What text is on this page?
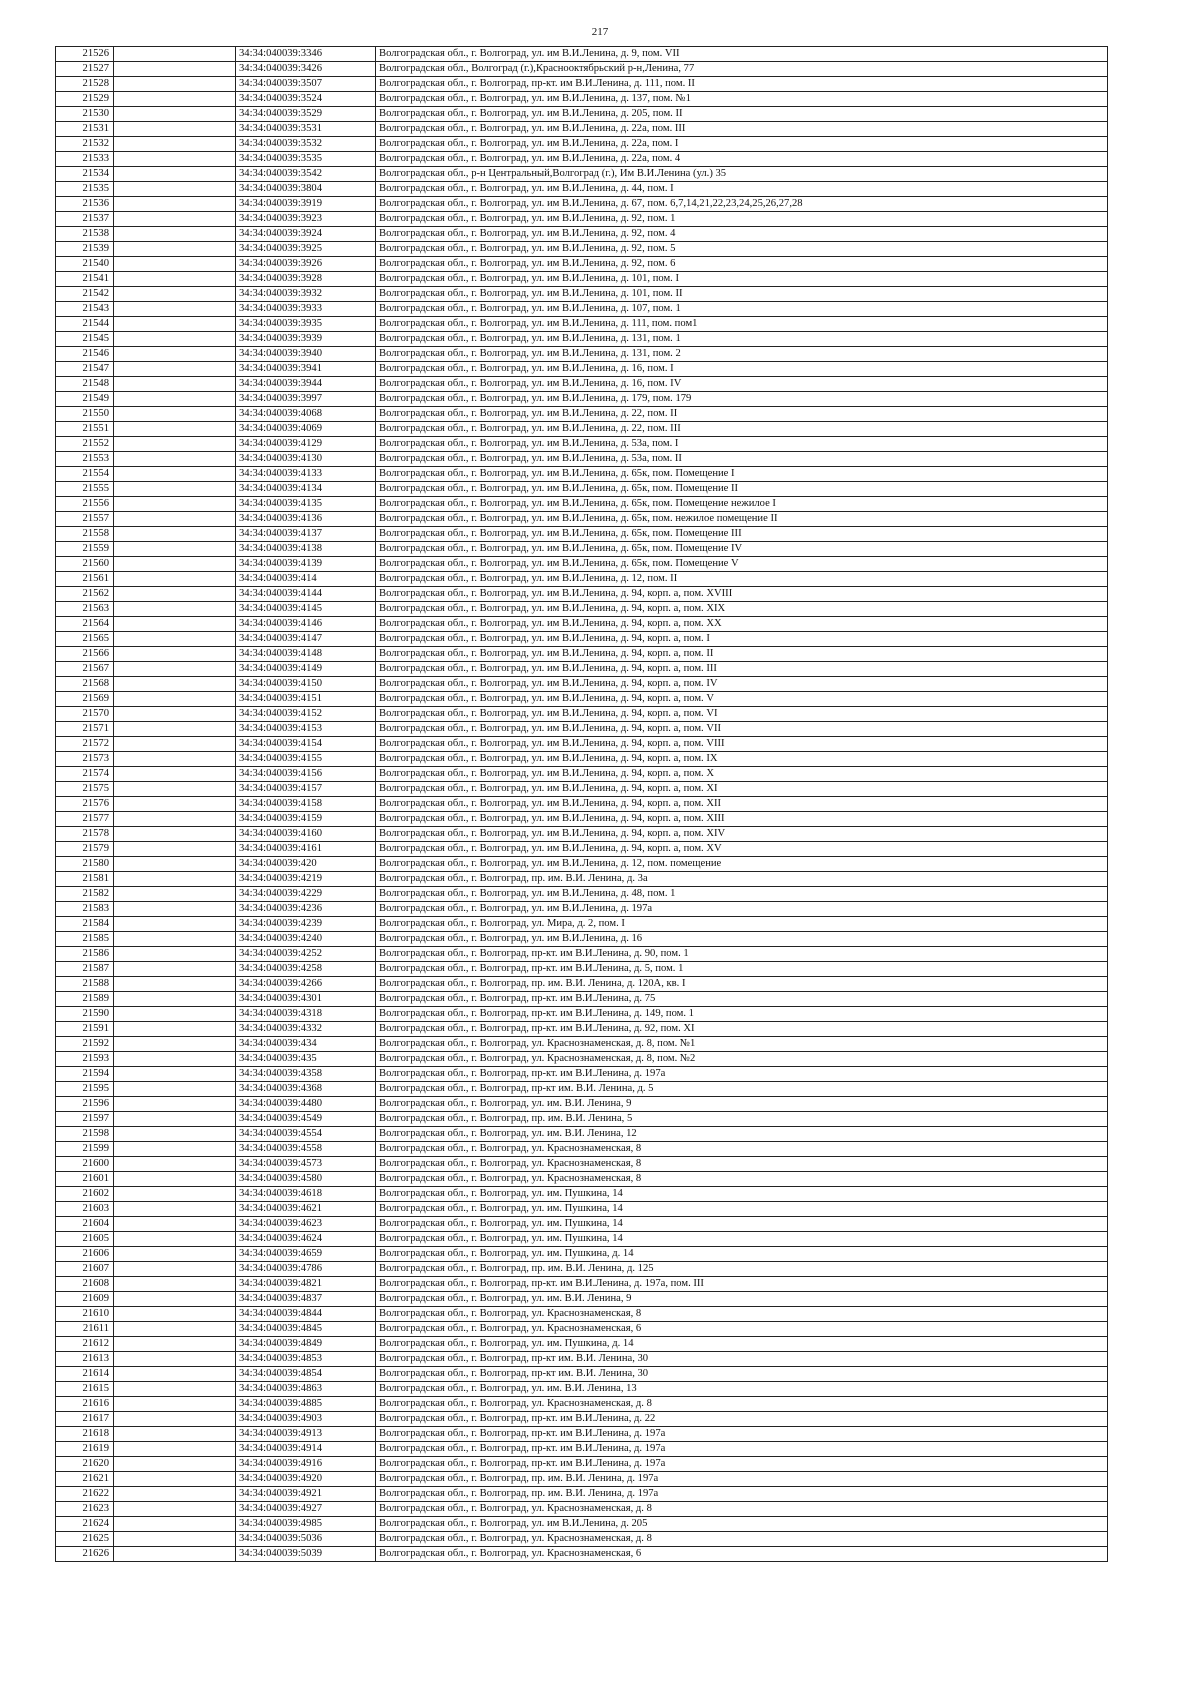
217
21526		34:34:040039:3346	Волгоградская обл., г. Волгоград, ул. им В.И.Ленина, д. 9, пом. VII
21527		34:34:040039:3426	Волгоградская обл., Волгоград (г.),Краснооктябрьский р-н,Ленина, 77
21528		34:34:040039:3507	Волгоградская обл., г. Волгоград, пр-кт. им В.И.Ленина, д. 111, пом. II
21529		34:34:040039:3524	Волгоградская обл., г. Волгоград, ул. им В.И.Ленина, д. 137, пом. №1
21530		34:34:040039:3529	Волгоградская обл., г. Волгоград, ул. им В.И.Ленина, д. 205, пом. II
21531		34:34:040039:3531	Волгоградская обл., г. Волгоград, ул. им В.И.Ленина, д. 22а, пом. III
21532		34:34:040039:3532	Волгоградская обл., г. Волгоград, ул. им В.И.Ленина, д. 22а, пом. I
21533		34:34:040039:3535	Волгоградская обл., г. Волгоград, ул. им В.И.Ленина, д. 22а, пом. 4
21534		34:34:040039:3542	Волгоградская обл., р-н Центральный,Волгоград (г.), Им В.И.Ленина (ул.) 35
21535		34:34:040039:3804	Волгоградская обл., г. Волгоград, ул. им В.И.Ленина, д. 44, пом. I
21536		34:34:040039:3919	Волгоградская обл., г. Волгоград, ул. им В.И.Ленина, д. 67, пом. 6,7,14,21,22,23,24,25,26,27,28
21537		34:34:040039:3923	Волгоградская обл., г. Волгоград, ул. им В.И.Ленина, д. 92, пом. 1
21538		34:34:040039:3924	Волгоградская обл., г. Волгоград, ул. им В.И.Ленина, д. 92, пом. 4
21539		34:34:040039:3925	Волгоградская обл., г. Волгоград, ул. им В.И.Ленина, д. 92, пом. 5
21540		34:34:040039:3926	Волгоградская обл., г. Волгоград, ул. им В.И.Ленина, д. 92, пом. 6
21541		34:34:040039:3928	Волгоградская обл., г. Волгоград, ул. им В.И.Ленина, д. 101, пом. I
21542		34:34:040039:3932	Волгоградская обл., г. Волгоград, ул. им В.И.Ленина, д. 101, пом. II
21543		34:34:040039:3933	Волгоградская обл., г. Волгоград, ул. им В.И.Ленина, д. 107, пом. 1
21544		34:34:040039:3935	Волгоградская обл., г. Волгоград, ул. им В.И.Ленина, д. 111, пом. пом1
21545		34:34:040039:3939	Волгоградская обл., г. Волгоград, ул. им В.И.Ленина, д. 131, пом. 1
21546		34:34:040039:3940	Волгоградская обл., г. Волгоград, ул. им В.И.Ленина, д. 131, пом. 2
21547		34:34:040039:3941	Волгоградская обл., г. Волгоград, ул. им В.И.Ленина, д. 16, пом. I
21548		34:34:040039:3944	Волгоградская обл., г. Волгоград, ул. им В.И.Ленина, д. 16, пом. IV
21549		34:34:040039:3997	Волгоградская обл., г. Волгоград, ул. им В.И.Ленина, д. 179, пом. 179
21550		34:34:040039:4068	Волгоградская обл., г. Волгоград, ул. им В.И.Ленина, д. 22, пом. II
21551		34:34:040039:4069	Волгоградская обл., г. Волгоград, ул. им В.И.Ленина, д. 22, пом. III
21552		34:34:040039:4129	Волгоградская обл., г. Волгоград, ул. им В.И.Ленина, д. 53а, пом. I
21553		34:34:040039:4130	Волгоградская обл., г. Волгоград, ул. им В.И.Ленина, д. 53а, пом. II
21554		34:34:040039:4133	Волгоградская обл., г. Волгоград, ул. им В.И.Ленина, д. 65к, пом. Помещение I
21555		34:34:040039:4134	Волгоградская обл., г. Волгоград, ул. им В.И.Ленина, д. 65к, пом. Помещение II
21556		34:34:040039:4135	Волгоградская обл., г. Волгоград, ул. им В.И.Ленина, д. 65к, пом. Помещение нежилое I
21557		34:34:040039:4136	Волгоградская обл., г. Волгоград, ул. им В.И.Ленина, д. 65к, пом. нежилое помещение II
21558		34:34:040039:4137	Волгоградская обл., г. Волгоград, ул. им В.И.Ленина, д. 65к, пом. Помещение III
21559		34:34:040039:4138	Волгоградская обл., г. Волгоград, ул. им В.И.Ленина, д. 65к, пом. Помещение IV
21560		34:34:040039:4139	Волгоградская обл., г. Волгоград, ул. им В.И.Ленина, д. 65к, пом. Помещение V
21561		34:34:040039:414	Волгоградская обл., г. Волгоград, ул. им В.И.Ленина, д. 12, пом. II
21562		34:34:040039:4144	Волгоградская обл., г. Волгоград, ул. им В.И.Ленина, д. 94, корп. а, пом. XVIII
21563		34:34:040039:4145	Волгоградская обл., г. Волгоград, ул. им В.И.Ленина, д. 94, корп. а, пом. XIX
21564		34:34:040039:4146	Волгоградская обл., г. Волгоград, ул. им В.И.Ленина, д. 94, корп. а, пом. XX
21565		34:34:040039:4147	Волгоградская обл., г. Волгоград, ул. им В.И.Ленина, д. 94, корп. а, пом. I
21566		34:34:040039:4148	Волгоградская обл., г. Волгоград, ул. им В.И.Ленина, д. 94, корп. а, пом. II
21567		34:34:040039:4149	Волгоградская обл., г. Волгоград, ул. им В.И.Ленина, д. 94, корп. а, пом. III
21568		34:34:040039:4150	Волгоградская обл., г. Волгоград, ул. им В.И.Ленина, д. 94, корп. а, пом. IV
21569		34:34:040039:4151	Волгоградская обл., г. Волгоград, ул. им В.И.Ленина, д. 94, корп. а, пом. V
21570		34:34:040039:4152	Волгоградская обл., г. Волгоград, ул. им В.И.Ленина, д. 94, корп. а, пом. VI
21571		34:34:040039:4153	Волгоградская обл., г. Волгоград, ул. им В.И.Ленина, д. 94, корп. а, пом. VII
21572		34:34:040039:4154	Волгоградская обл., г. Волгоград, ул. им В.И.Ленина, д. 94, корп. а, пом. VIII
21573		34:34:040039:4155	Волгоградская обл., г. Волгоград, ул. им В.И.Ленина, д. 94, корп. а, пом. IX
21574		34:34:040039:4156	Волгоградская обл., г. Волгоград, ул. им В.И.Ленина, д. 94, корп. а, пом. X
21575		34:34:040039:4157	Волгоградская обл., г. Волгоград, ул. им В.И.Ленина, д. 94, корп. а, пом. XI
21576		34:34:040039:4158	Волгоградская обл., г. Волгоград, ул. им В.И.Ленина, д. 94, корп. а, пом. XII
21577		34:34:040039:4159	Волгоградская обл., г. Волгоград, ул. им В.И.Ленина, д. 94, корп. а, пом. XIII
21578		34:34:040039:4160	Волгоградская обл., г. Волгоград, ул. им В.И.Ленина, д. 94, корп. а, пом. XIV
21579		34:34:040039:4161	Волгоградская обл., г. Волгоград, ул. им В.И.Ленина, д. 94, корп. а, пом. XV
21580		34:34:040039:420	Волгоградская обл., г. Волгоград, ул. им В.И.Ленина, д. 12, пом. помещение
21581		34:34:040039:4219	Волгоградская обл., г. Волгоград, пр. им. В.И. Ленина, д. 3а
21582		34:34:040039:4229	Волгоградская обл., г. Волгоград, ул. им В.И.Ленина, д. 48, пом. 1
21583		34:34:040039:4236	Волгоградская обл., г. Волгоград, ул. им В.И.Ленина, д. 197а
21584		34:34:040039:4239	Волгоградская обл., г. Волгоград, ул. Мира, д. 2, пом. I
21585		34:34:040039:4240	Волгоградская обл., г. Волгоград, ул. им В.И.Ленина, д. 16
21586		34:34:040039:4252	Волгоградская обл., г. Волгоград, пр-кт. им В.И.Ленина, д. 90, пом. 1
21587		34:34:040039:4258	Волгоградская обл., г. Волгоград, пр-кт. им В.И.Ленина, д. 5, пом. 1
21588		34:34:040039:4266	Волгоградская обл., г. Волгоград, пр. им. В.И. Ленина, д. 120А, кв. I
21589		34:34:040039:4301	Волгоградская обл., г. Волгоград, пр-кт. им В.И.Ленина, д. 75
21590		34:34:040039:4318	Волгоградская обл., г. Волгоград, пр-кт. им В.И.Ленина, д. 149, пом. 1
21591		34:34:040039:4332	Волгоградская обл., г. Волгоград, пр-кт. им В.И.Ленина, д. 92, пом. XI
21592		34:34:040039:434	Волгоградская обл., г. Волгоград, ул. Краснознаменская, д. 8, пом. №1
21593		34:34:040039:435	Волгоградская обл., г. Волгоград, ул. Краснознаменская, д. 8, пом. №2
21594		34:34:040039:4358	Волгоградская обл., г. Волгоград, пр-кт. им В.И.Ленина, д. 197а
21595		34:34:040039:4368	Волгоградская обл., г. Волгоград, пр-кт им. В.И. Ленина, д. 5
21596		34:34:040039:4480	Волгоградская обл., г. Волгоград, ул. им. В.И. Ленина, 9
21597		34:34:040039:4549	Волгоградская обл., г. Волгоград, пр. им. В.И. Ленина, 5
21598		34:34:040039:4554	Волгоградская обл., г. Волгоград, ул. им. В.И. Ленина, 12
21599		34:34:040039:4558	Волгоградская обл., г. Волгоград, ул. Краснознаменская, 8
21600		34:34:040039:4573	Волгоградская обл., г. Волгоград, ул. Краснознаменская, 8
21601		34:34:040039:4580	Волгоградская обл., г. Волгоград, ул. Краснознаменская, 8
21602		34:34:040039:4618	Волгоградская обл., г. Волгоград, ул. им. Пушкина, 14
21603		34:34:040039:4621	Волгоградская обл., г. Волгоград, ул. им. Пушкина, 14
21604		34:34:040039:4623	Волгоградская обл., г. Волгоград, ул. им. Пушкина, 14
21605		34:34:040039:4624	Волгоградская обл., г. Волгоград, ул. им. Пушкина, 14
21606		34:34:040039:4659	Волгоградская обл., г. Волгоград, ул. им. Пушкина, д. 14
21607		34:34:040039:4786	Волгоградская обл., г. Волгоград, пр. им. В.И. Ленина, д. 125
21608		34:34:040039:4821	Волгоградская обл., г. Волгоград, пр-кт. им В.И.Ленина, д. 197а, пом. III
21609		34:34:040039:4837	Волгоградская обл., г. Волгоград, ул. им. В.И. Ленина, 9
21610		34:34:040039:4844	Волгоградская обл., г. Волгоград, ул. Краснознаменская, 8
21611		34:34:040039:4845	Волгоградская обл., г. Волгоград, ул. Краснознаменская, 6
21612		34:34:040039:4849	Волгоградская обл., г. Волгоград, ул. им. Пушкина, д. 14
21613		34:34:040039:4853	Волгоградская обл., г. Волгоград, пр-кт им. В.И. Ленина, 30
21614		34:34:040039:4854	Волгоградская обл., г. Волгоград, пр-кт им. В.И. Ленина, 30
21615		34:34:040039:4863	Волгоградская обл., г. Волгоград, ул. им. В.И. Ленина, 13
21616		34:34:040039:4885	Волгоградская обл., г. Волгоград, ул. Краснознаменская, д. 8
21617		34:34:040039:4903	Волгоградская обл., г. Волгоград, пр-кт. им В.И.Ленина, д. 22
21618		34:34:040039:4913	Волгоградская обл., г. Волгоград, пр-кт. им В.И.Ленина, д. 197а
21619		34:34:040039:4914	Волгоградская обл., г. Волгоград, пр-кт. им В.И.Ленина, д. 197а
21620		34:34:040039:4916	Волгоградская обл., г. Волгоград, пр-кт. им В.И.Ленина, д. 197а
21621		34:34:040039:4920	Волгоградская обл., г. Волгоград, пр. им. В.И. Ленина, д. 197а
21622		34:34:040039:4921	Волгоградская обл., г. Волгоград, пр. им. В.И. Ленина, д. 197а
21623		34:34:040039:4927	Волгоградская обл., г. Волгоград, ул. Краснознаменская, д. 8
21624		34:34:040039:4985	Волгоградская обл., г. Волгоград, ул. им В.И.Ленина, д. 205
21625		34:34:040039:5036	Волгоградская обл., г. Волгоград, ул. Краснознаменская, д. 8
21626		34:34:040039:5039	Волгоградская обл., г. Волгоград, ул. Краснознаменская, 6
